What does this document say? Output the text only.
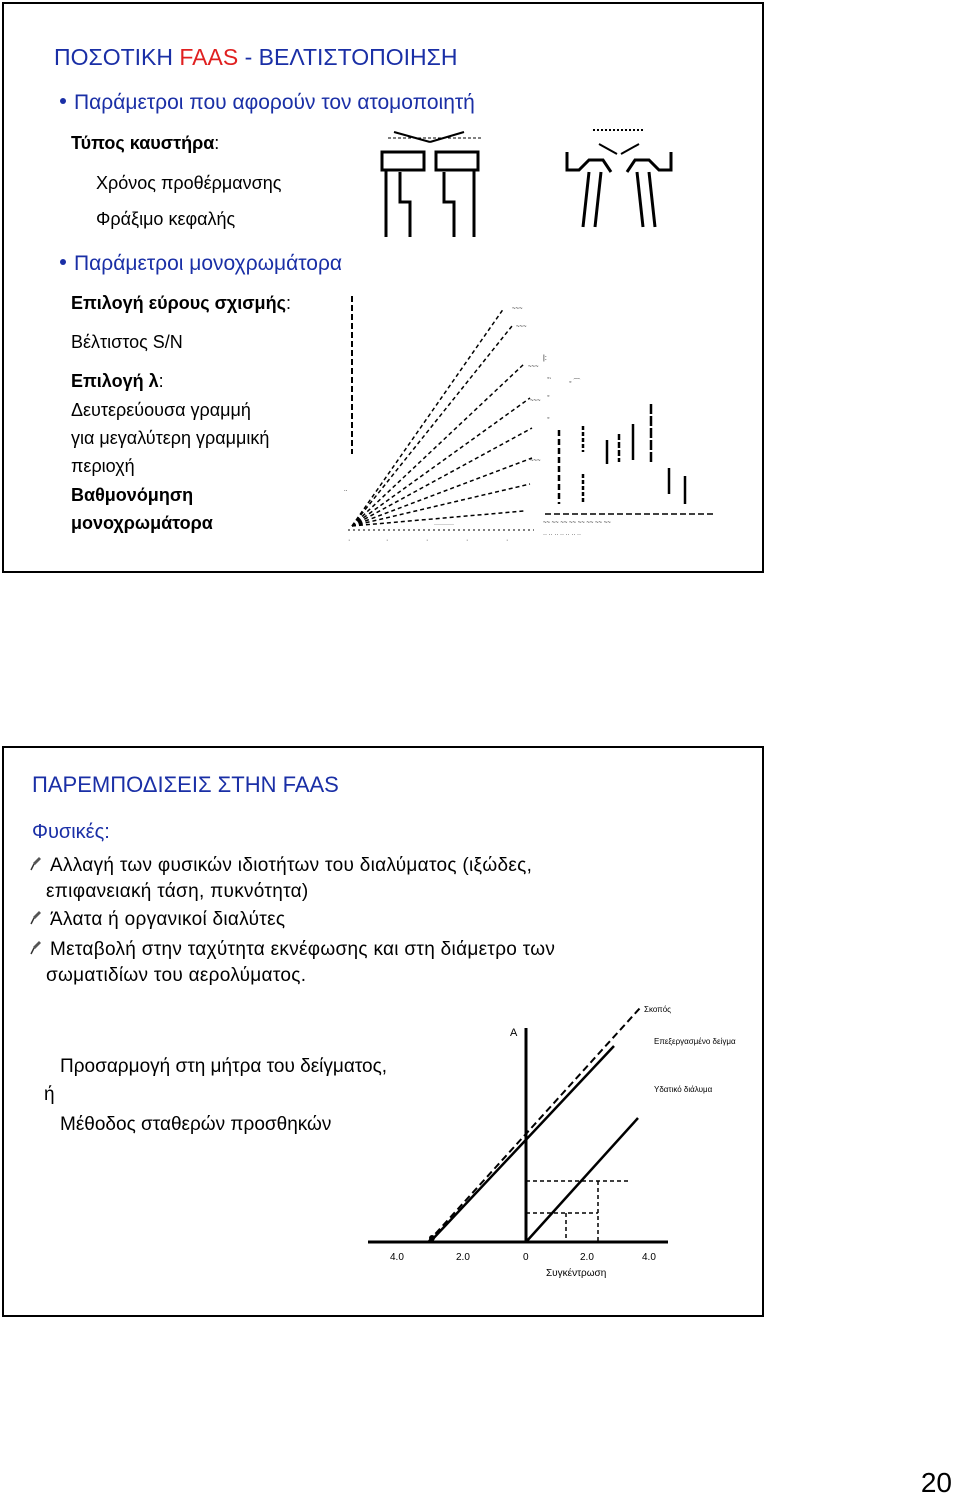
ΠΟΣΟΤΙΚΗ FAAS - ΒΕΛΤΙΣΤΟΠΟΙΗΣΗ
Παράμετροι που αφορούν τον ατομοποιητή
Τύπος καυστήρα:
Χρόνος προθέρμανσης
Φράξιμο κεφαλής
Παράμετροι μονοχρωμάτορα
Επιλογή εύρους σχισμής:
Βέλτιστος S/N
Επιλογή λ:
Δευτερεύουσα γραμμή
για μεγαλύτερη γραμμική
περιοχή
Βαθμονόμηση
μονοχρωμάτορα
~~~
~~~
~~~
~~~
~~~
..
··········
·	·	·	·	·
|:
◦·
◦
◦ ⌒
◦
~~ ~~ ~~ ~~ ~~ ~~ ~~ ~~
·· ·· ·· ·· ·· ·· ··
ΠΑΡΕΜΠΟΔΙΣΕΙΣ ΣΤΗΝ FAAS
Φυσικές:
Αλλαγή των φυσικών ιδιοτήτων του διαλύματος (ιξώδες,
επιφανειακή τάση, πυκνότητα)
Άλατα ή οργανικοί διαλύτες
Μεταβολή στην ταχύτητα εκνέφωσης και στη διάμετρο των
σωματιδίων του αερολύματος.
A
4.0	2.0	0	2.0	4.0
Συγκέντρωση
Σκοπός
Επεξεργασμένο δείγμα
Υδατικό διάλυμα
Προσαρμογή στη μήτρα του δείγματος,
ή
Μέθοδος σταθερών προσθηκών
20
